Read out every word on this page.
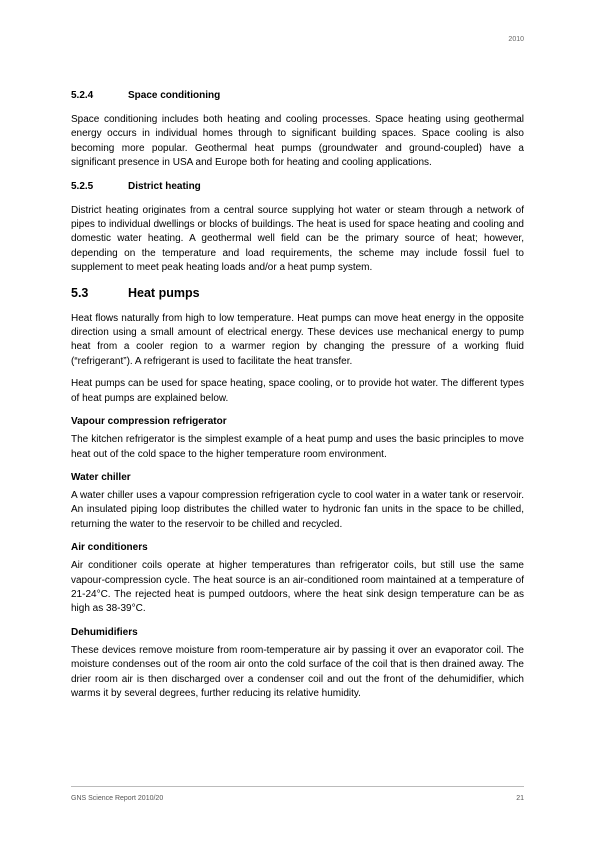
2010
5.2.4	Space conditioning

Space conditioning includes both heating and cooling processes. Space heating using geothermal energy occurs in individual homes through to significant building spaces. Space cooling is also becoming more popular. Geothermal heat pumps (groundwater and ground-coupled) have a significant presence in USA and Europe both for heating and cooling applications.

5.2.5	District heating

District heating originates from a central source supplying hot water or steam through a network of pipes to individual dwellings or blocks of buildings. The heat is used for space heating and cooling and domestic water heating. A geothermal well field can be the primary source of heat; however, depending on the temperature and load requirements, the scheme may include fossil fuel to supplement to meet peak heating loads and/or a heat pump system.

5.3	Heat pumps

Heat flows naturally from high to low temperature. Heat pumps can move heat energy in the opposite direction using a small amount of electrical energy. These devices use mechanical energy to pump heat from a cooler region to a warmer region by changing the pressure of a working fluid (“refrigerant”). A refrigerant is used to facilitate the heat transfer.

Heat pumps can be used for space heating, space cooling, or to provide hot water. The different types of heat pumps are explained below.

Vapour compression refrigerator

The kitchen refrigerator is the simplest example of a heat pump and uses the basic principles to move heat out of the cold space to the higher temperature room environment.

Water chiller

A water chiller uses a vapour compression refrigeration cycle to cool water in a water tank or reservoir. An insulated piping loop distributes the chilled water to hydronic fan units in the space to be chilled, returning the water to the reservoir to be chilled and recycled.

Air conditioners

Air conditioner coils operate at higher temperatures than refrigerator coils, but still use the same vapour-compression cycle. The heat source is an air-conditioned room maintained at a temperature of 21-24°C. The rejected heat is pumped outdoors, where the heat sink design temperature can be as high as 38-39°C.

Dehumidifiers

These devices remove moisture from room-temperature air by passing it over an evaporator coil. The moisture condenses out of the room air onto the cold surface of the coil that is then drained away. The drier room air is then discharged over a condenser coil and out the front of the dehumidifier, which warms it by several degrees, further reducing its relative humidity.

GNS Science Report 2010/20	21
